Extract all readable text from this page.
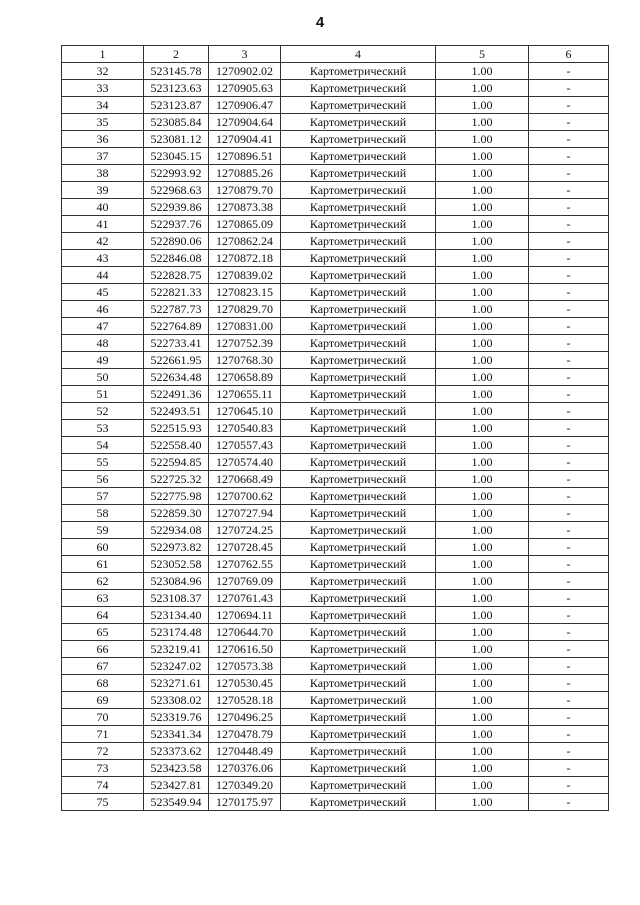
4
1	2	3	4	5	6
32	523145.78	1270902.02	Картометрический	1.00	-
33	523123.63	1270905.63	Картометрический	1.00	-
34	523123.87	1270906.47	Картометрический	1.00	-
35	523085.84	1270904.64	Картометрический	1.00	-
36	523081.12	1270904.41	Картометрический	1.00	-
37	523045.15	1270896.51	Картометрический	1.00	-
38	522993.92	1270885.26	Картометрический	1.00	-
39	522968.63	1270879.70	Картометрический	1.00	-
40	522939.86	1270873.38	Картометрический	1.00	-
41	522937.76	1270865.09	Картометрический	1.00	-
42	522890.06	1270862.24	Картометрический	1.00	-
43	522846.08	1270872.18	Картометрический	1.00	-
44	522828.75	1270839.02	Картометрический	1.00	-
45	522821.33	1270823.15	Картометрический	1.00	-
46	522787.73	1270829.70	Картометрический	1.00	-
47	522764.89	1270831.00	Картометрический	1.00	-
48	522733.41	1270752.39	Картометрический	1.00	-
49	522661.95	1270768.30	Картометрический	1.00	-
50	522634.48	1270658.89	Картометрический	1.00	-
51	522491.36	1270655.11	Картометрический	1.00	-
52	522493.51	1270645.10	Картометрический	1.00	-
53	522515.93	1270540.83	Картометрический	1.00	-
54	522558.40	1270557.43	Картометрический	1.00	-
55	522594.85	1270574.40	Картометрический	1.00	-
56	522725.32	1270668.49	Картометрический	1.00	-
57	522775.98	1270700.62	Картометрический	1.00	-
58	522859.30	1270727.94	Картометрический	1.00	-
59	522934.08	1270724.25	Картометрический	1.00	-
60	522973.82	1270728.45	Картометрический	1.00	-
61	523052.58	1270762.55	Картометрический	1.00	-
62	523084.96	1270769.09	Картометрический	1.00	-
63	523108.37	1270761.43	Картометрический	1.00	-
64	523134.40	1270694.11	Картометрический	1.00	-
65	523174.48	1270644.70	Картометрический	1.00	-
66	523219.41	1270616.50	Картометрический	1.00	-
67	523247.02	1270573.38	Картометрический	1.00	-
68	523271.61	1270530.45	Картометрический	1.00	-
69	523308.02	1270528.18	Картометрический	1.00	-
70	523319.76	1270496.25	Картометрический	1.00	-
71	523341.34	1270478.79	Картометрический	1.00	-
72	523373.62	1270448.49	Картометрический	1.00	-
73	523423.58	1270376.06	Картометрический	1.00	-
74	523427.81	1270349.20	Картометрический	1.00	-
75	523549.94	1270175.97	Картометрический	1.00	-
